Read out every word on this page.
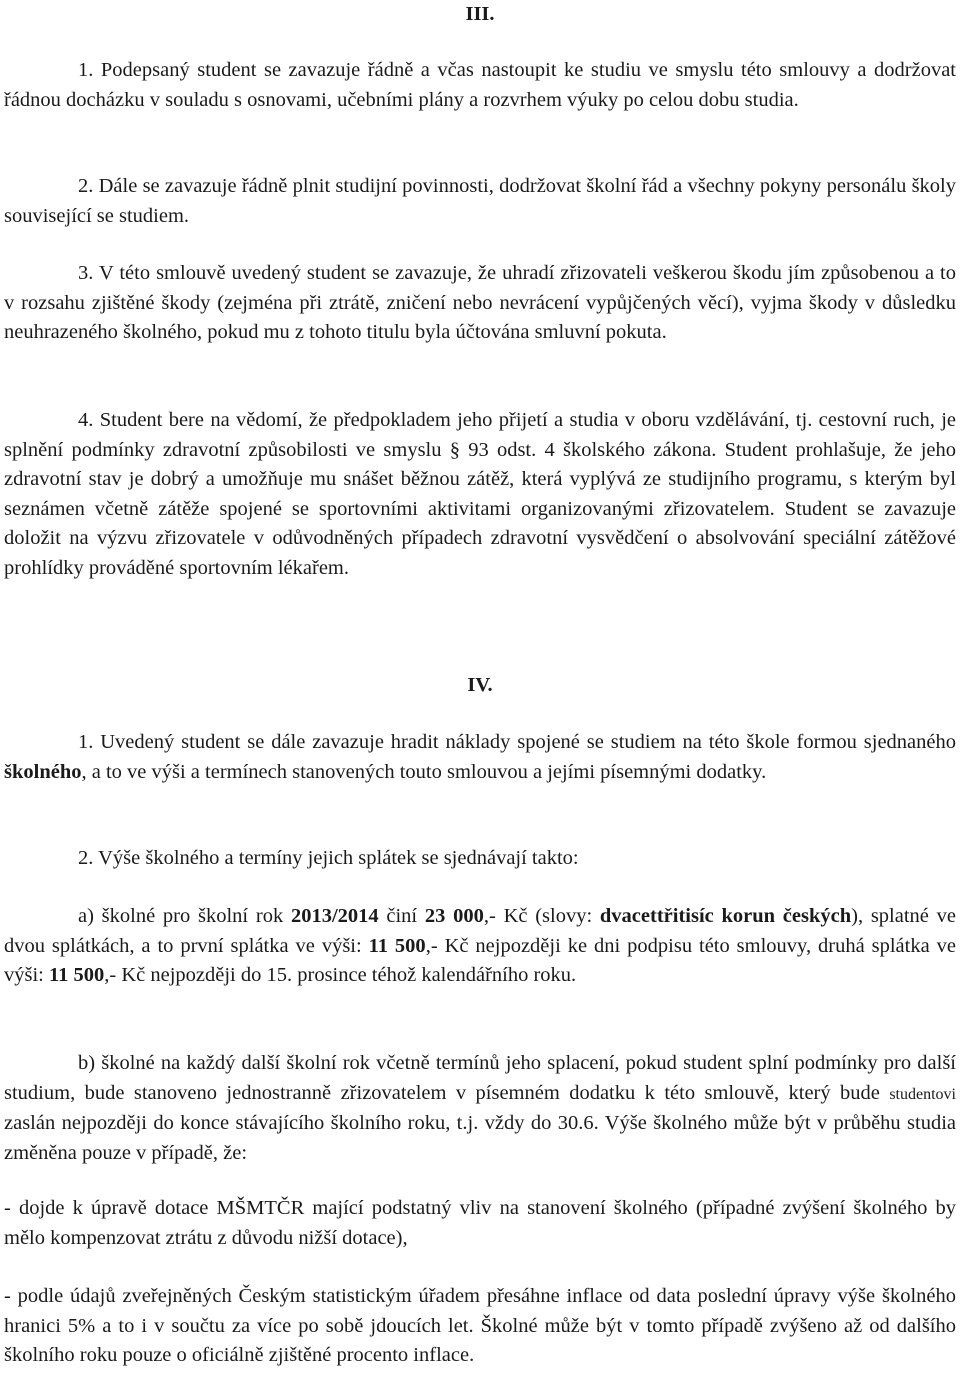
III.

1. Podepsaný student se zavazuje řádně a včas nastoupit ke studiu ve smyslu této smlouvy a dodržovat řádnou docházku v souladu s osnovami, učebními plány a rozvrhem výuky po celou dobu studia.

2. Dále se zavazuje řádně plnit studijní povinnosti, dodržovat školní řád a všechny pokyny personálu školy související se studiem.

3. V této smlouvě uvedený student se zavazuje, že uhradí zřizovateli veškerou škodu jím způsobenou a to v rozsahu zjištěné škody (zejména při ztrátě, zničení nebo nevrácení vypůjčených věcí), vyjma škody v důsledku neuhrazeného školného, pokud mu z tohoto titulu byla účtována smluvní pokuta.

4. Student bere na vědomí, že předpokladem jeho přijetí a studia v oboru vzdělávání, tj. cestovní ruch, je splnění podmínky zdravotní způsobilosti ve smyslu § 93 odst. 4 školského zákona. Student prohlašuje, že jeho zdravotní stav je dobrý a umožňuje mu snášet běžnou zátěž, která vyplývá ze studijního programu, s kterým byl seznámen včetně zátěže spojené se sportovními aktivitami organizovanými zřizovatelem. Student se zavazuje doložit na výzvu zřizovatele v odůvodněných případech zdravotní vysvědčení o absolvování speciální zátěžové prohlídky prováděné sportovním lékařem.

IV.

1. Uvedený student se dále zavazuje hradit náklady spojené se studiem na této škole formou sjednaného školného, a to ve výši a termínech stanovených touto smlouvou a jejími písemnými dodatky.

2. Výše školného a termíny jejich splátek se sjednávají takto:

a) školné pro školní rok 2013/2014 činí 23 000,- Kč (slovy: dvacettřitisíc korun českých), splatné ve dvou splátkách, a to první splátka ve výši: 11 500,- Kč nejpozději ke dni podpisu této smlouvy, druhá splátka ve výši: 11 500,- Kč nejpozději do 15. prosince téhož kalendářního roku.

b) školné na každý další školní rok včetně termínů jeho splacení, pokud student splní podmínky pro další studium, bude stanoveno jednostranně zřizovatelem v písemném dodatku k této smlouvě, který bude studentovi zaslán nejpozději do konce stávajícího školního roku, t.j. vždy do 30.6. Výše školného může být v průběhu studia změněna pouze v případě, že:

- dojde k úpravě dotace MŠMTČR mající podstatný vliv na stanovení školného (případné zvýšení školného by mělo kompenzovat ztrátu z důvodu nižší dotace),

- podle údajů zveřejněných Českým statistickým úřadem přesáhne inflace od data poslední úpravy výše školného hranici 5% a to i v součtu za více po sobě jdoucích let. Školné může být v tomto případě zvýšeno až od dalšího školního roku pouze o oficiálně zjištěné procento inflace.
